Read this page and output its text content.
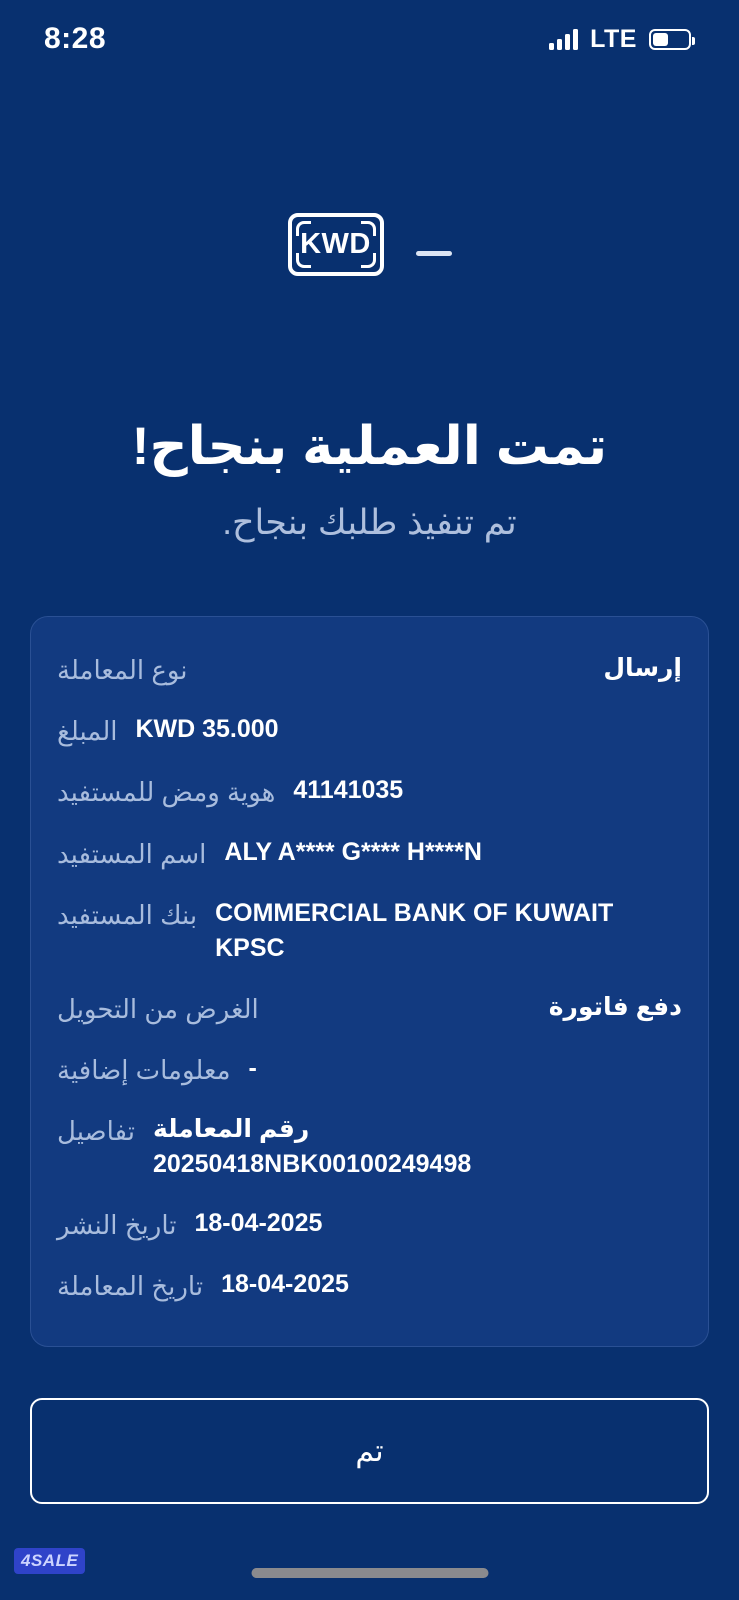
8:28	LTE
KWD
تمت العملية بنجاح!
تم تنفيذ طلبك بنجاح.
إرسال
نوع المعاملة
KWD 35.000
المبلغ
41141035
هوية ومض للمستفيد
ALY A**** G**** H****N
اسم المستفيد
COMMERCIAL BANK OF KUWAIT KPSC
بنك المستفيد
دفع فاتورة
الغرض من التحويل
-
معلومات إضافية
رقم المعاملة
20250418NBK00100249498
تفاصيل
18-04-2025
تاريخ النشر
18-04-2025
تاريخ المعاملة
تم
4SALE
